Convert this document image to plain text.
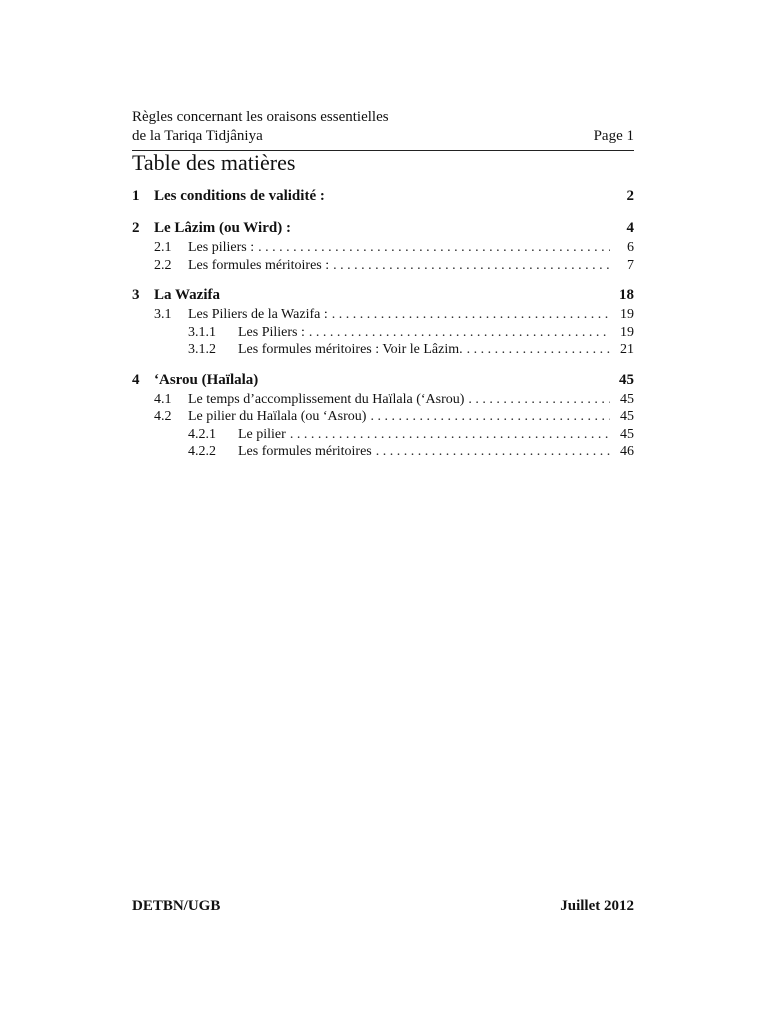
Règles concernant les oraisons essentielles
de la Tariqa Tidjâniya	Page 1
Table des matières
1 Les conditions de validité :	2
2 Le Lâzim (ou Wird) :	4
2.1	Les piliers : . . .	6
2.2	Les formules méritoires : . . .	7
3 La Wazifa	18
3.1	Les Piliers de la Wazifa : . . .	19
3.1.1	Les Piliers : . . .	19
3.1.2	Les formules méritoires : Voir le Lâzim. . . .	21
4 ‘Asrou (Haïlala)	45
4.1	Le temps d’accomplissement du Haïlala (‘Asrou) . . .	45
4.2	Le pilier du Haïlala (ou ‘Asrou) . . .	45
4.2.1	Le pilier . . .	45
4.2.2	Les formules méritoires . . .	46
DETBN/UGB	Juillet 2012
